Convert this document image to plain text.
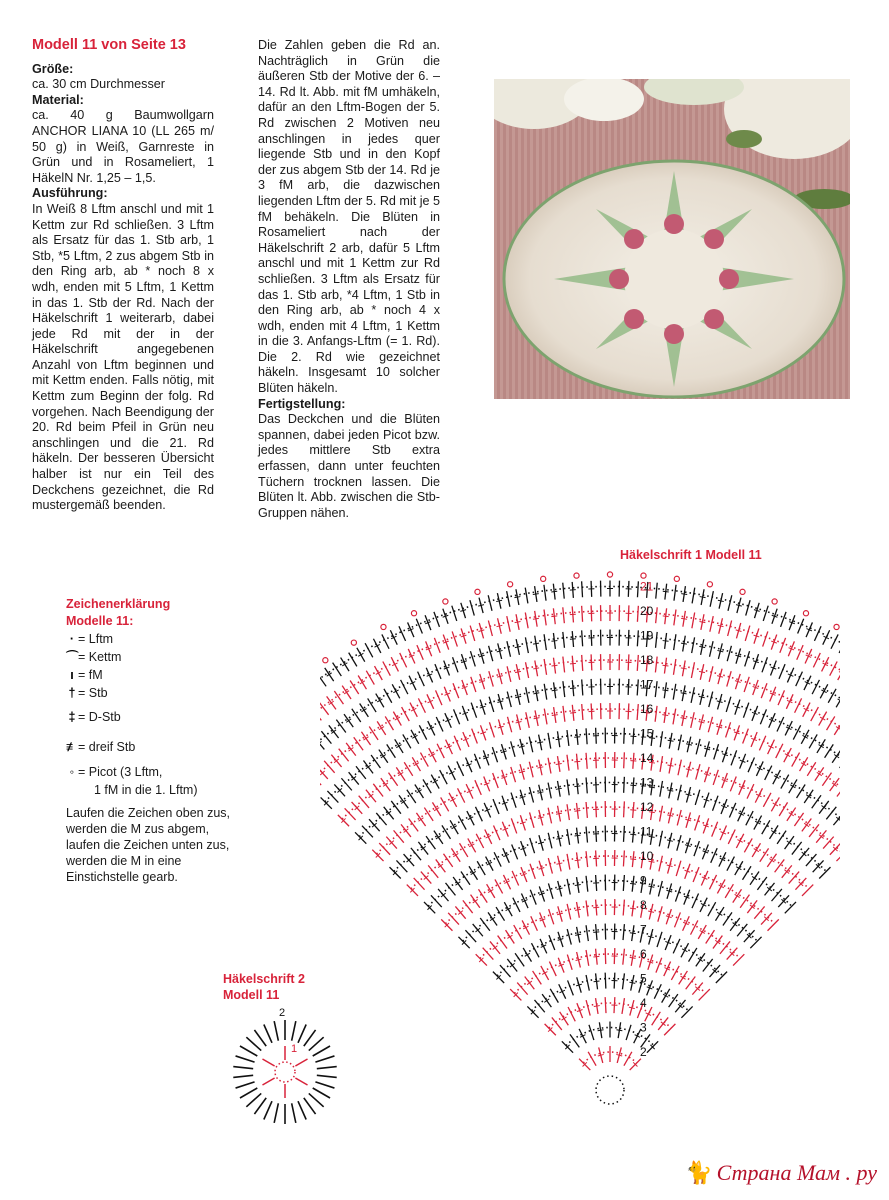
Modell 11 von Seite 13
Größe:
ca. 30 cm Durchmesser
Material:
ca. 40 g Baumwollgarn ANCHOR LIANA 10 (LL 265 m/ 50 g) in Weiß, Garnreste in Grün und in Rosameliert, 1 HäkelN Nr. 1,25 – 1,5.
Ausführung:
In Weiß 8 Lftm anschl und mit 1 Kettm zur Rd schließen. 3 Lftm als Ersatz für das 1. Stb arb, 1 Stb, *5 Lftm, 2 zus abgem Stb in den Ring arb, ab * noch 8 x wdh, enden mit 5 Lftm, 1 Kettm in das 1. Stb der Rd. Nach der Häkelschrift 1 weiterarb, dabei jede Rd mit der in der Häkelschrift angegebenen Anzahl von Lftm beginnen und mit Kettm enden. Falls nötig, mit Kettm zum Beginn der folg. Rd vorgehen. Nach Beendigung der 20. Rd beim Pfeil in Grün neu anschlingen und die 21. Rd häkeln. Der besseren Übersicht halber ist nur ein Teil des Deckchens gezeichnet, die Rd mustergemäß beenden.
Die Zahlen geben die Rd an. Nachträglich in Grün die äußeren Stb der Motive der 6. – 14. Rd lt. Abb. mit fM umhäkeln, dafür an den Lftm-Bogen der 5. Rd zwischen 2 Motiven neu anschlingen in jedes quer liegende Stb und in den Kopf der zus abgem Stb der 14. Rd je 3 fM arb, die dazwischen liegenden Lftm der 5. Rd mit je 5 fM behäkeln. Die Blüten in Rosameliert nach der Häkelschrift 2 arb, dafür 5 Lftm anschl und mit 1 Kettm zur Rd schließen. 3 Lftm als Ersatz für das 1. Stb arb, *4 Lftm, 1 Stb in den Ring arb, ab * noch 4 x wdh, enden mit 4 Lftm, 1 Kettm in die 3. Anfangs-Lftm (= 1. Rd). Die 2. Rd wie gezeichnet häkeln. Insgesamt 10 solcher Blüten häkeln.
Fertigstellung:
Das Deckchen und die Blüten spannen, dabei jeden Picot bzw. jedes mittlere Stb extra erfassen, dann unter feuchten Tüchern trocknen lassen. Die Blüten lt. Abb. zwischen die Stb-Gruppen nähen.
Häkelschrift 1 Modell 11
Zeichenerklärung
Modelle 11:
· = Lftm
⌒ = Kettm
ı = fM
† = Stb
‡ = D-Stb
≢ = dreif Stb
◦ = Picot (3 Lftm,
1 fM in die 1. Lftm)
Laufen die Zeichen oben zus, werden die M zus abgem, laufen die Zeichen unten zus, werden die M in eine Einstichstelle gearb.
2
3
4
5
6
7
8
9
10
11
12
13
14
15
16
17
18
19
20
21
Häkelschrift 2
Modell 11
1
2
🐈 Страна Мам . ру
